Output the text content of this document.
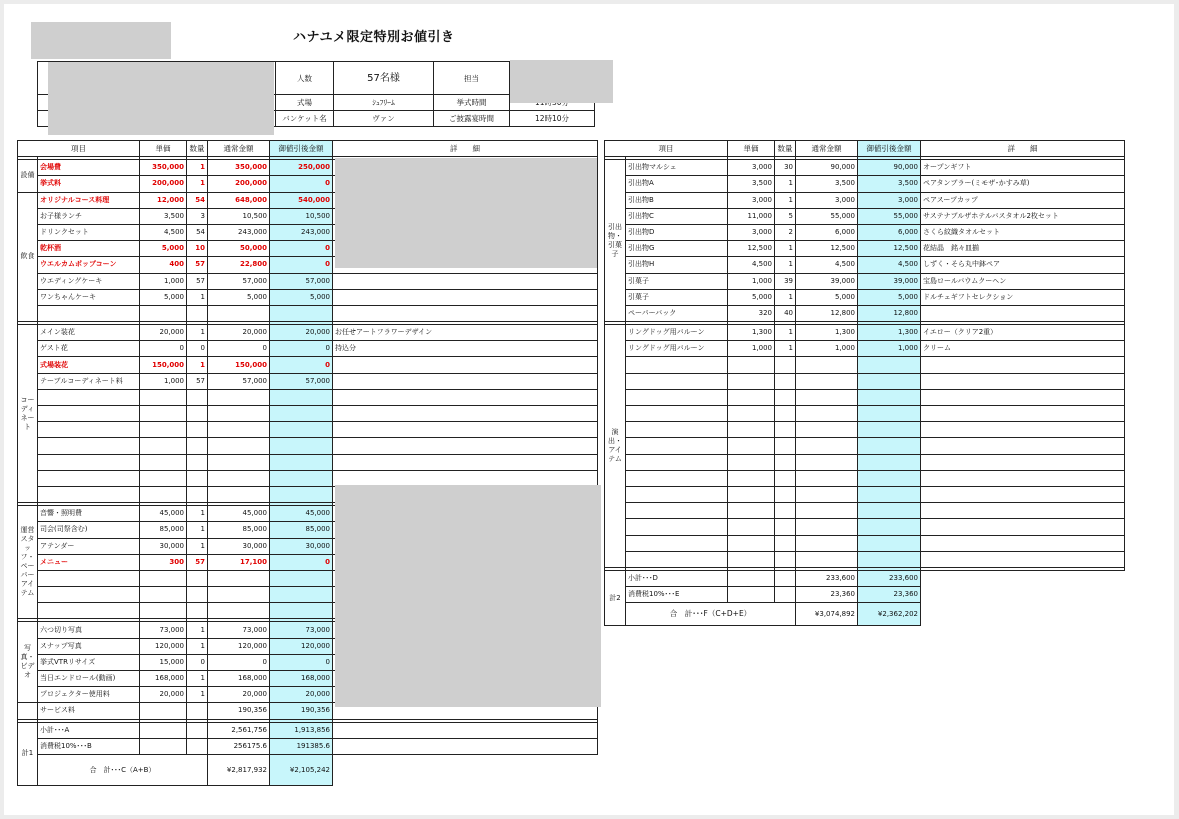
ハナユメ限定特別お値引き
	人数	57名様	担当	
	式場	ｼｭﾌﾘｰﾑ	挙式時間	
	バンケット名	ヴァン	ご披露宴時間	12時10分
項目		単価	数量	通常金額	御値引後金額	詳　　細

設備	会場費	350,000	1	350,000	250,000	
	挙式料	200,000	1	200,000	0	
飲食	オリジナルコース料理	12,000	54	648,000	540,000	
	お子様ランチ	3,500	3	10,500	10,500	
	ドリンクセット	4,500	54	243,000	243,000	
	乾杯酒	5,000	10	50,000	0	
	ウエルカムポップコーン	400	57	22,800	0	
	ウエディングケーキ	1,000	57	57,000	57,000	
	ワンちゃんケーキ	5,000	1	5,000	5,000	

コーディネート	メイン装花	20,000	1	20,000	20,000	お任せアートフラワーデザイン
	ゲスト花	0	0	0	0	持込分
	式場装花	150,000	1	150,000	0	
	テーブルコーディネート料	1,000	57	57,000	57,000	

運営スタッフ・ペーパーアイテム	音響・照明費	45,000	1	45,000	45,000	
	司会(司祭含む)	85,000	1	85,000	85,000	
	アテンダー	30,000	1	30,000	30,000	
	メニュー	300	57	17,100	0	

写真・ビデオ	六つ切り写真	73,000	1	73,000	73,000	
	スナップ写真	120,000	1	120,000	120,000	
	挙式VTRリサイズ	15,000	0	0	0	
	当日エンドロール(動画)	168,000	1	168,000	168,000	
	プロジェクター使用料	20,000	1	20,000	20,000	
	サービス料			190,356	190,356	

計1	小計･･･A			2,561,756	1,913,856	
	消費税10%･･･B			256175.6	191385.6	
	合　計･･･C（A+B）			¥2,817,932	¥2,105,242	
項目		単価	数量	通常金額	御値引後金額	詳　　細

引出物・引菓子	引出物マルシェ	3,000	30	90,000	90,000	オープンギフト
	引出物A	3,500	1	3,500	3,500	ペアタンブラー(ミモザ･かすみ草)
	引出物B	3,000	1	3,000	3,000	ペアスープカップ
	引出物C	11,000	5	55,000	55,000	サステナブルザホテルバスタオル2枚セット
	引出物D	3,000	2	6,000	6,000	さくら紋織タオルセット
	引出物G	12,500	1	12,500	12,500	花結晶　銘々皿揃
	引出物H	4,500	1	4,500	4,500	しずく・そら丸中鉢ペア
	引菓子	1,000	39	39,000	39,000	宝島ロールバウムクーヘン
	引菓子	5,000	1	5,000	5,000	ドルチェギフトセレクション
	ペーパーバック	320	40	12,800	12,800	

演出・アイテム	リングドッグ用バルーン	1,300	1	1,300	1,300	イエロー（クリア2重）
	リングドッグ用バルーン	1,000	1	1,000	1,000	クリーム

計2	小計･･･D			233,600	233,600	
	消費税10%･･･E			23,360	23,360	
	合　計･･･F（C+D+E）			¥3,074,892	¥2,362,202	
